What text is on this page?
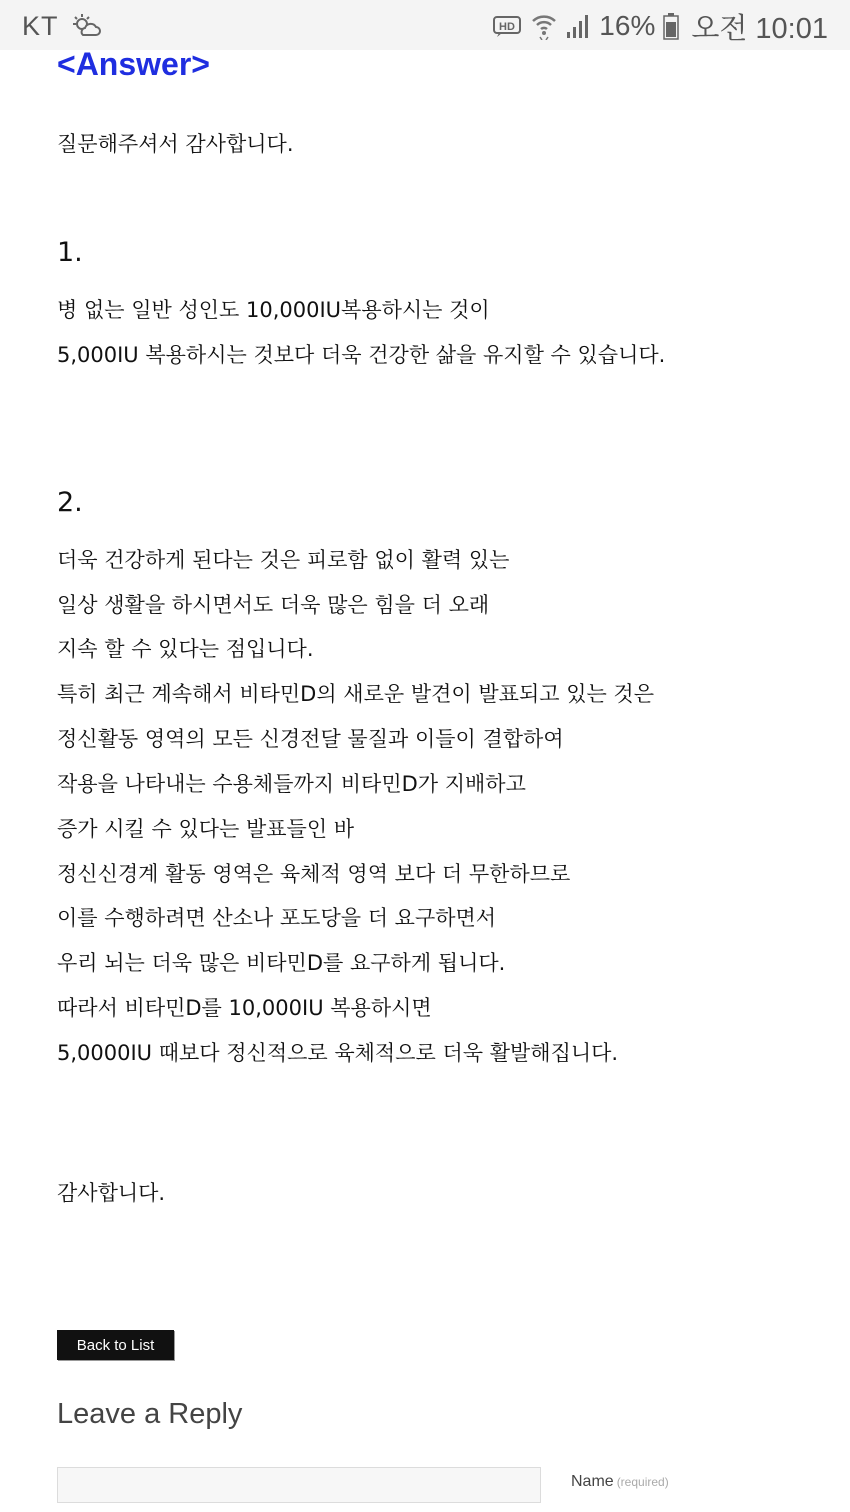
KT	HD	16% 오전 10:01
<Answer>

질문해주셔서 감사합니다.

1.

병 없는 일반 성인도 10,000IU복용하시는 것이

5,000IU 복용하시는 것보다 더욱 건강한 삶을 유지할 수 있습니다.

2.

더욱 건강하게 된다는 것은 피로함 없이 활력 있는

일상 생활을 하시면서도 더욱 많은 힘을 더 오래

지속 할 수 있다는 점입니다.

특히 최근 계속해서 비타민D의 새로운 발견이 발표되고 있는 것은

정신활동 영역의 모든 신경전달 물질과 이들이 결합하여

작용을 나타내는 수용체들까지 비타민D가 지배하고

증가 시킬 수 있다는 발표들인 바

정신신경계 활동 영역은 육체적 영역 보다 더 무한하므로

이를 수행하려면 산소나 포도당을 더 요구하면서

우리 뇌는 더욱 많은 비타민D를 요구하게 됩니다.

따라서 비타민D를 10,000IU 복용하시면

5,0000IU 때보다 정신적으로 육체적으로 더욱 활발해집니다.

감사합니다.

Back to List
Leave a Reply
Name (required)
